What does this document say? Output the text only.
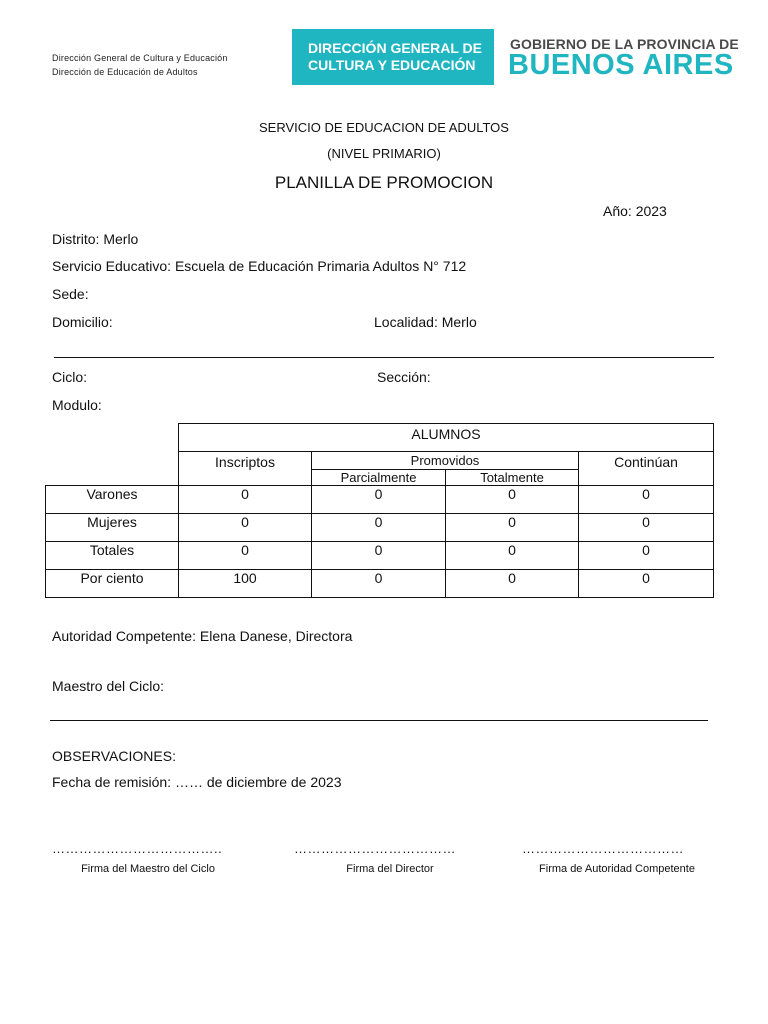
Dirección General de Cultura y Educación
Dirección de Educación de Adultos
DIRECCIÓN GENERAL DE
CULTURA Y EDUCACIÓN
GOBIERNO DE LA PROVINCIA DE
BUENOS AIRES
SERVICIO DE EDUCACION DE ADULTOS
(NIVEL PRIMARIO)
PLANILLA DE PROMOCION
Año: 2023
Distrito: Merlo
Servicio Educativo: Escuela de Educación Primaria Adultos N° 712
Sede:
Domicilio:	Localidad: Merlo
Ciclo:	Sección:
Modulo:
	ALUMNOS			
	Inscriptos	Promovidos		Continúan
		Parcialmente	Totalmente	
Varones	0	0	0	0
Mujeres	0	0	0	0
Totales	0	0	0	0
Por ciento	100	0	0	0
Autoridad Competente: Elena Danese, Directora
Maestro del Ciclo:
OBSERVACIONES:
Fecha de remisión: …… de diciembre de 2023
………………………………..	………………………………	………………………………
Firma del Maestro del Ciclo	Firma del Director	Firma de Autoridad Competente
